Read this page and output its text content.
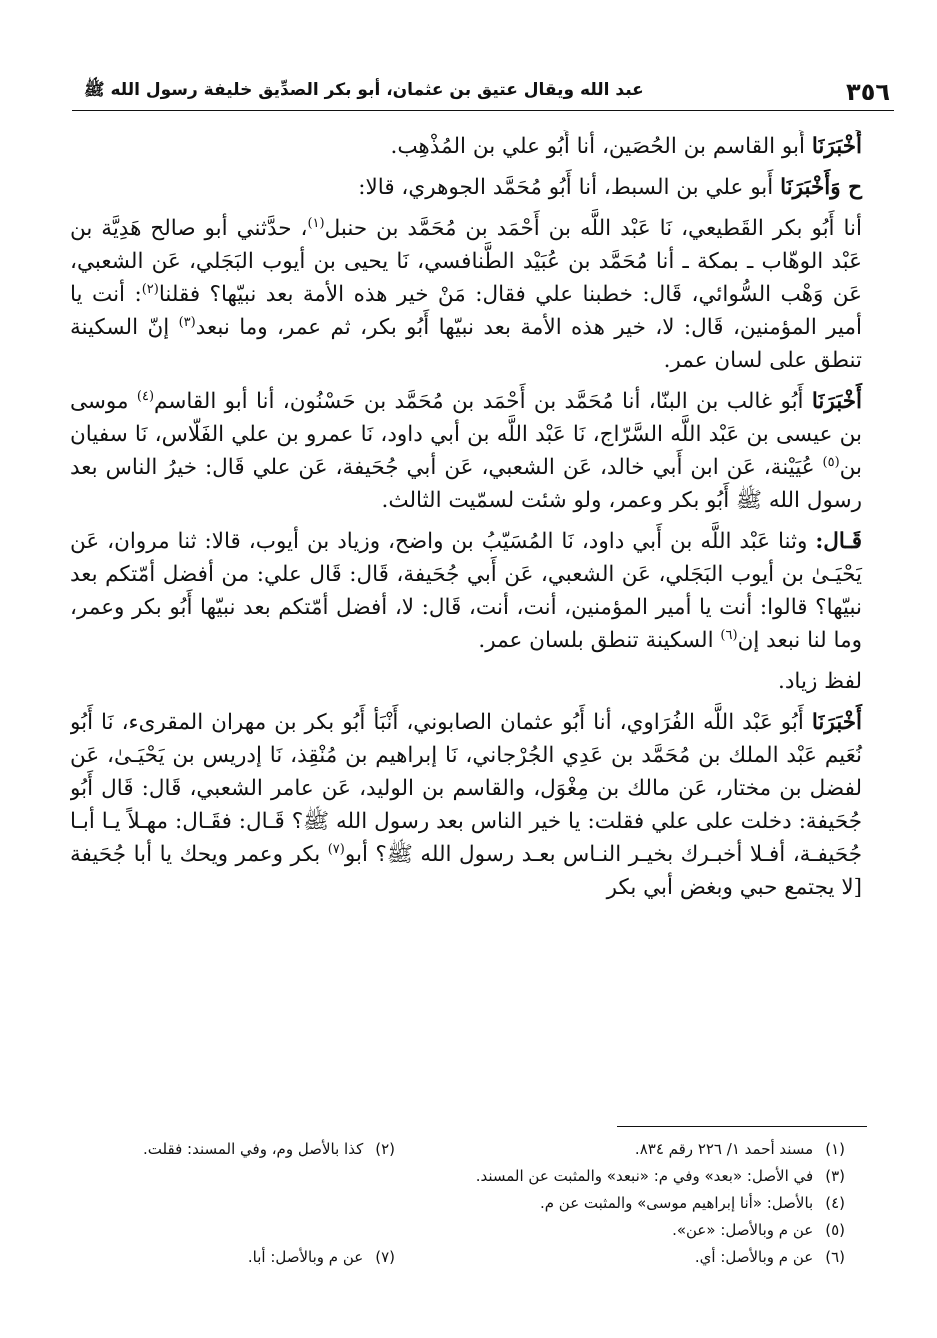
٣٥٦
عبد الله ويقال عتيق بن عثمان، أبو بكر الصدِّيق خليفة رسول الله ﷺ

أَخْبَرَنَا أَبو القاسم بن الحُصَين، أنا أَبُو علي بن المُذْهِب.

ح وَأَخْبَرَنَا أَبو علي بن السبط، أنا أَبُو مُحَمَّد الجوهري، قالا:

أنا أَبُو بكر القَطيعي، نَا عَبْد اللَّه بن أَحْمَد بن مُحَمَّد بن حنبل$^{(١)}$، حدَّثني أبو صالح هَدِيَّة بن عَبْد الوهّاب ـ بمكة ـ أنا مُحَمَّد بن عُبَيْد الطَّنافسي، نَا يحيى بن أيوب البَجَلي، عَن الشعبي، عَن وَهْب السُّوائي، قَال: خطبنا علي فقال: مَنْ خير هذه الأمة بعد نبيّها؟ فقلنا$^{(٢)}$: أنت يا أمير المؤمنين، قَال: لا، خير هذه الأمة بعد نبيّها أَبُو بكر، ثم عمر، وما نبعد$^{(٣)}$ إنّ السكينة تنطق على لسان عمر.

أَخْبَرَنَا أَبُو غالب بن البنّا، أنا مُحَمَّد بن أَحْمَد بن مُحَمَّد بن حَسْنُون، أنا أبو القاسم$^{(٤)}$ موسى بن عيسى بن عَبْد اللَّه السَّرّاج، نَا عَبْد اللَّه بن أبي داود، نَا عمرو بن علي الفَلّاس، نَا سفيان بن$^{(٥)}$ عُيَيْنة، عَن ابن أَبي خالد، عَن الشعبي، عَن أبي جُحَيفة، عَن علي قَال: خيرُ الناس بعد رسول الله ﷺ أَبُو بكر وعمر، ولو شئت لسمّيت الثالث.

قَـال: وثنا عَبْد اللَّه بن أَبي داود، نَا المُسَيّبُ بن واضح، وزياد بن أيوب، قالا: ثنا مروان، عَن يَحْيَـىٰ بن أيوب البَجَلي، عَن الشعبي، عَن أَبي جُحَيفة، قَال: قَال علي: من أفضل أمّتكم بعد نبيّها؟ قالوا: أنت يا أمير المؤمنين، أنت، أنت، قَال: لا، أفضل أمّتكم بعد نبيّها أَبُو بكر وعمر، وما لنا نبعد إن$^{(٦)}$ السكينة تنطق بلسان عمر.

لفظ زياد.

أَخْبَرَنَا أَبُو عَبْد اللَّه الفُرَاوي، أنا أَبُو عثمان الصابوني، أَنْبَأ أَبُو بكر بن مهران المقرىء، نَا أَبُو نُعَيم عَبْد الملك بن مُحَمَّد بن عَدِي الجُرْجاني، نَا إبراهيم بن مُنْقِذ، نَا إدريس بن يَحْيَـىٰ، عَن لفضل بن مختار، عَن مالك بن مِغْوَل، والقاسم بن الوليد، عَن عامر الشعبي، قَال: قَال أَبُو جُحَيفة: دخلت على علي فقلت: يا خير الناس بعد رسول الله ﷺ؟ قَـال: فقَـال: مهـلاً يـا أبـا جُحَيفـة، أفـلا أخبـرك بخيـر النـاس بعـد رسول الله ﷺ؟ أبو$^{(٧)}$ بكر وعمر ويحك يا أبا جُحَيفة [لا يجتمع حبي وبغض أبي بكر

(١)مسند أحمد ١/ ٢٢٦ رقم ٨٣٤.
(٢)كذا بالأصل وم، وفي المسند: فقلت.
(٣)في الأصل: «بعد» وفي م: «نبعد» والمثبت عن المسند.
(٤)بالأصل: «أنا إبراهيم موسى» والمثبت عن م.
(٥)عن م وبالأصل: «عن».
(٦)عن م وبالأصل: أي.
(٧)عن م وبالأصل: أبا.
